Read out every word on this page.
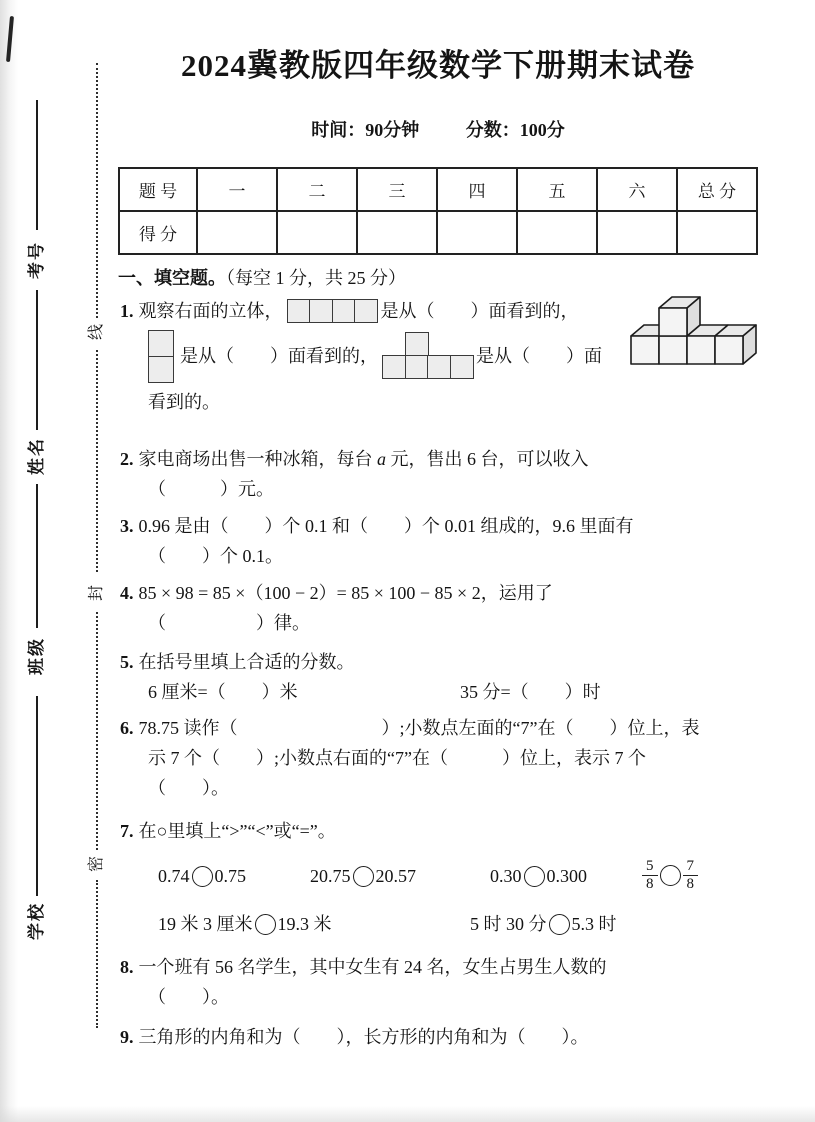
考号
姓名
班级
学校
线
封
密
2024冀教版四年级数学下册期末试卷
时间：90分钟	分数：100分
题 号	一	二	三	四	五	六	总 分
得 分							
一、填空题。（每空 1 分，共 25 分）
1. 观察右面的立体，	是从（　　）面看到的，
是从（　　）面看到的，	是从（　　）面
看到的。
2. 家电商场出售一种冰箱，每台 a 元，售出 6 台，可以收入
（　　　）元。
3. 0.96 是由（　　）个 0.1 和（　　）个 0.01 组成的，9.6 里面有
（　　）个 0.1。
4. 85 × 98 = 85 ×（100 − 2）= 85 × 100 − 85 × 2，运用了
（　　　　　）律。
5. 在括号里填上合适的分数。
6 厘米=（　　）米	35 分=（　　）时
6. 78.75 读作（　　　　　　　　）;小数点左面的“7”在（　　）位上，表
示 7 个（　　）;小数点右面的“7”在（　　　）位上，表示 7 个
（　　）。
7. 在○里填上“>”“<”或“=”。
0.74 0.75	20.75 20.57	0.30 0.300	$\frac{5}{8} \frac{7}{8}$
19 米 3 厘米 19.3 米	5 时 30 分 5.3 时
8. 一个班有 56 名学生，其中女生有 24 名，女生占男生人数的
（　　）。
9. 三角形的内角和为（　　），长方形的内角和为（　　）。
